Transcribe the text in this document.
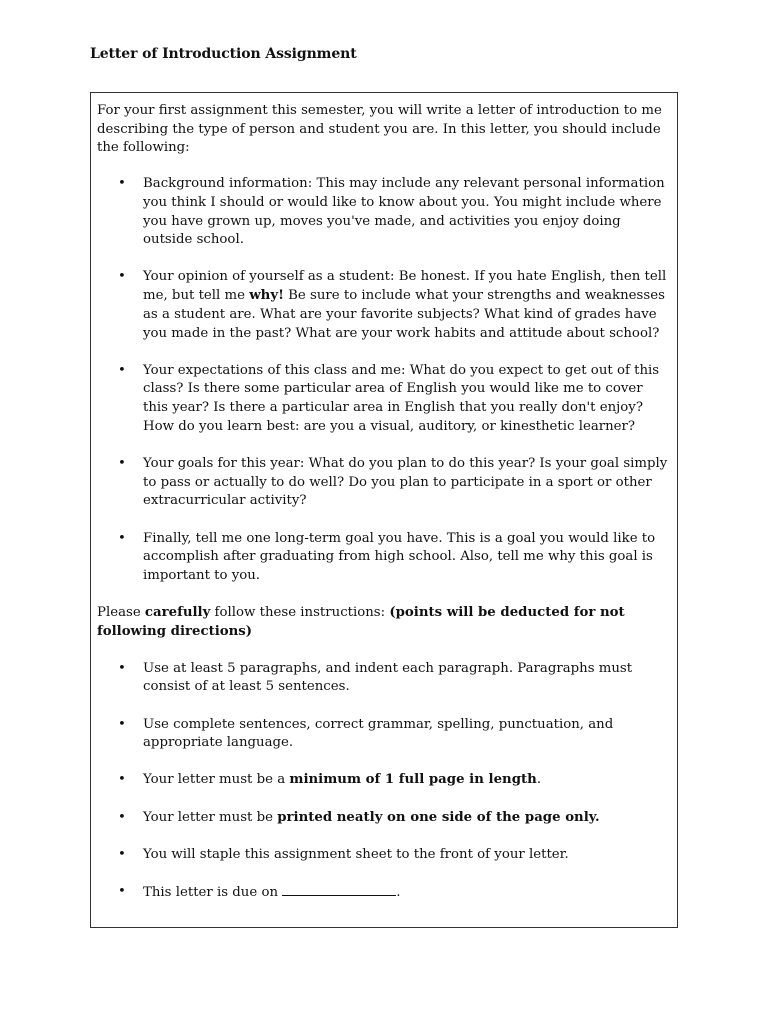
Letter of Introduction Assignment

For your first assignment this semester, you will write a letter of introduction to me describing the type of person and student you are. In this letter, you should include the following:

• Background information: This may include any relevant personal information you think I should or would like to know about you. You might include where you have grown up, moves you've made, and activities you enjoy doing outside school.
• Your opinion of yourself as a student: Be honest. If you hate English, then tell me, but tell me why! Be sure to include what your strengths and weaknesses as a student are. What are your favorite subjects? What kind of grades have you made in the past? What are your work habits and attitude about school?
• Your expectations of this class and me: What do you expect to get out of this class? Is there some particular area of English you would like me to cover this year? Is there a particular area in English that you really don't enjoy? How do you learn best: are you a visual, auditory, or kinesthetic learner?
• Your goals for this year: What do you plan to do this year? Is your goal simply to pass or actually to do well? Do you plan to participate in a sport or other extracurricular activity?
• Finally, tell me one long-term goal you have. This is a goal you would like to accomplish after graduating from high school. Also, tell me why this goal is important to you.

Please carefully follow these instructions: (points will be deducted for not following directions)

• Use at least 5 paragraphs, and indent each paragraph. Paragraphs must consist of at least 5 sentences.
• Use complete sentences, correct grammar, spelling, punctuation, and appropriate language.
• Your letter must be a minimum of 1 full page in length.
• Your letter must be printed neatly on one side of the page only.
• You will staple this assignment sheet to the front of your letter.
• This letter is due on	.
